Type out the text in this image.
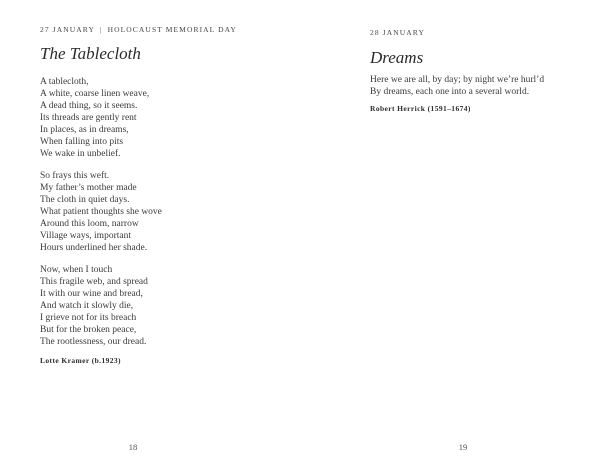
27 JANUARY | HOLOCAUST MEMORIAL DAY
The Tablecloth
A tablecloth,
A white, coarse linen weave,
A dead thing, so it seems.
Its threads are gently rent
In places, as in dreams,
When falling into pits
We wake in unbelief.
So frays this weft.
My father’s mother made
The cloth in quiet days.
What patient thoughts she wove
Around this loom, narrow
Village ways, important
Hours underlined her shade.
Now, when I touch
This fragile web, and spread
It with our wine and bread,
And watch it slowly die,
I grieve not for its breach
But for the broken peace,
The rootlessness, our dread.
Lotte Kramer (b.1923)
18
28 JANUARY
Dreams
Here we are all, by day; by night we’re hurl’d
By dreams, each one into a several world.
Robert Herrick (1591–1674)
19
